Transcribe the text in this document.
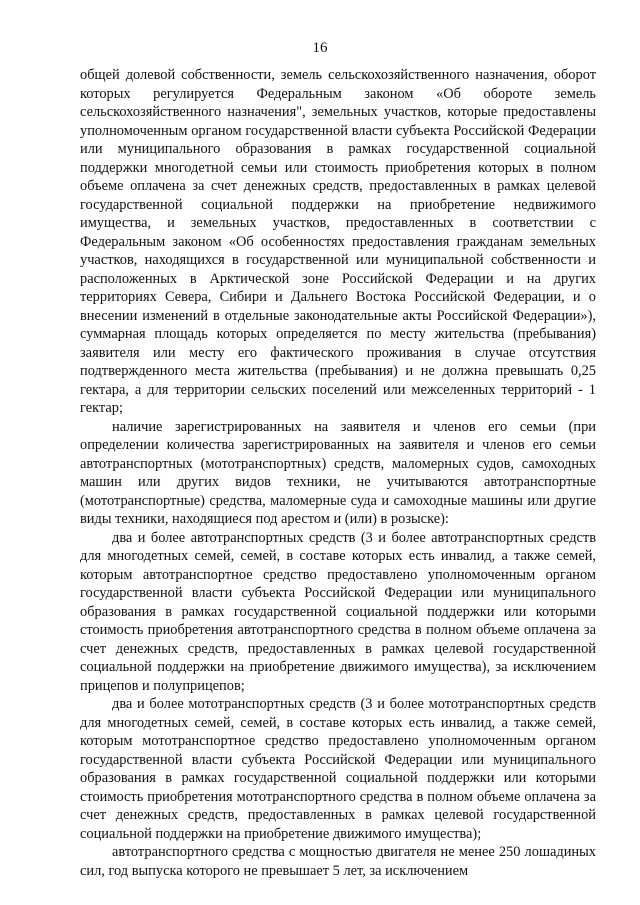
16

общей долевой собственности, земель сельскохозяйственного назначения, оборот которых регулируется Федеральным законом «Об обороте земель сельскохозяйственного назначения", земельных участков, которые предоставлены уполномоченным органом государственной власти субъекта Российской Федерации или муниципального образования в рамках государственной социальной поддержки многодетной семьи или стоимость приобретения которых в полном объеме оплачена за счет денежных средств, предоставленных в рамках целевой государственной социальной поддержки на приобретение недвижимого имущества, и земельных участков, предоставленных в соответствии с Федеральным законом «Об особенностях предоставления гражданам земельных участков, находящихся в государственной или муниципальной собственности и расположенных в Арктической зоне Российской Федерации и на других территориях Севера, Сибири и Дальнего Востока Российской Федерации, и о внесении изменений в отдельные законодательные акты Российской Федерации»), суммарная площадь которых определяется по месту жительства (пребывания) заявителя или месту его фактического проживания в случае отсутствия подтвержденного места жительства (пребывания) и не должна превышать 0,25 гектара, а для территории сельских поселений или межселенных территорий - 1 гектар;

наличие зарегистрированных на заявителя и членов его семьи (при определении количества зарегистрированных на заявителя и членов его семьи автотранспортных (мототранспортных) средств, маломерных судов, самоходных машин или других видов техники, не учитываются автотранспортные (мототранспортные) средства, маломерные суда и самоходные машины или другие виды техники, находящиеся под арестом и (или) в розыске):

два и более автотранспортных средств (3 и более автотранспортных средств для многодетных семей, семей, в составе которых есть инвалид, а также семей, которым автотранспортное средство предоставлено уполномоченным органом государственной власти субъекта Российской Федерации или муниципального образования в рамках государственной социальной поддержки или которыми стоимость приобретения автотранспортного средства в полном объеме оплачена за счет денежных средств, предоставленных в рамках целевой государственной социальной поддержки на приобретение движимого имущества), за исключением прицепов и полуприцепов;

два и более мототранспортных средств (3 и более мототранспортных средств для многодетных семей, семей, в составе которых есть инвалид, а также семей, которым мототранспортное средство предоставлено уполномоченным органом государственной власти субъекта Российской Федерации или муниципального образования в рамках государственной социальной поддержки или которыми стоимость приобретения мототранспортного средства в полном объеме оплачена за счет денежных средств, предоставленных в рамках целевой государственной социальной поддержки на приобретение движимого имущества);

автотранспортного средства с мощностью двигателя не менее 250 лошадиных сил, год выпуска которого не превышает 5 лет, за исключением
